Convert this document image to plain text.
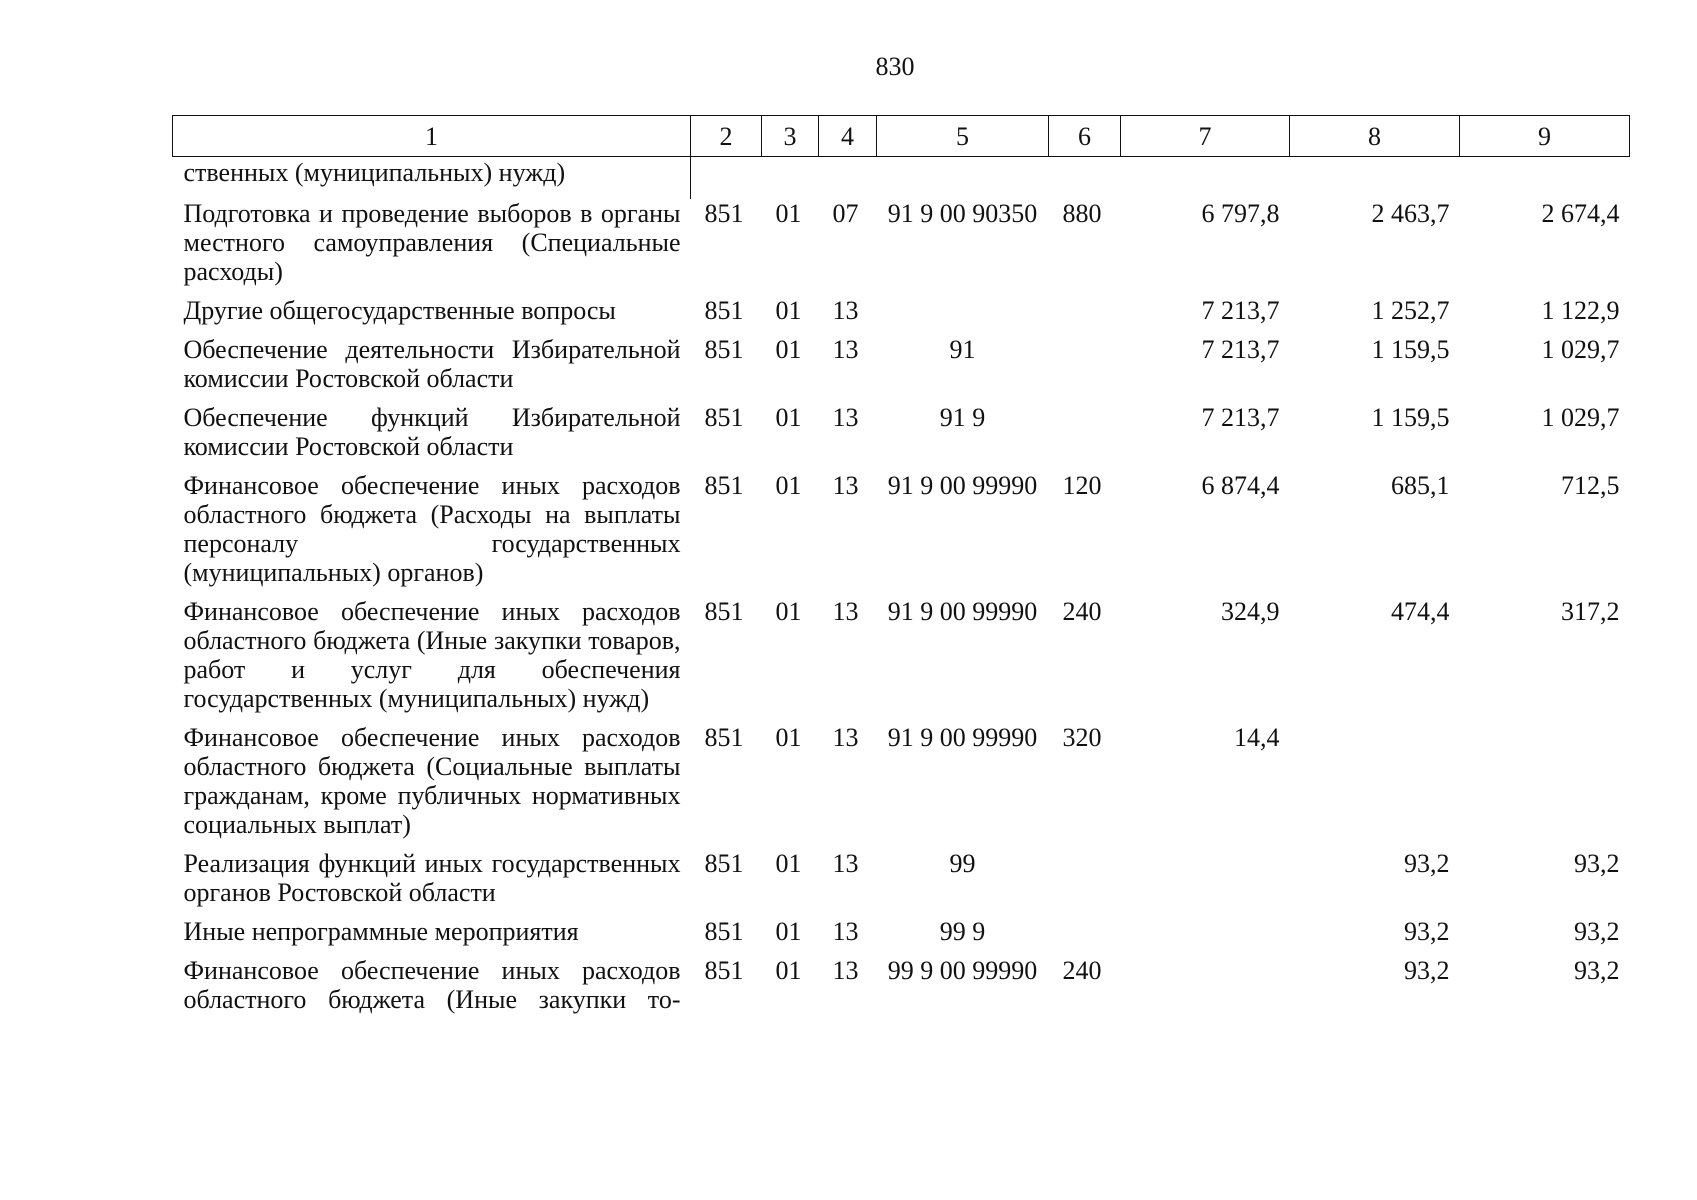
830
1	2	3	4	5	6	7	8	9
ственных (муниципальных) нужд)								
Подготовка и проведение выборов в органы местного самоуправления (Специальные расходы)	851	01	07	91 9 00 90350	880	6 797,8	2 463,7	2 674,4
Другие общегосударственные вопросы	851	01	13			7 213,7	1 252,7	1 122,9
Обеспечение деятельности Избирательной комиссии Ростовской области	851	01	13	91		7 213,7	1 159,5	1 029,7
Обеспечение функций Избирательной комиссии Ростовской области	851	01	13	91 9		7 213,7	1 159,5	1 029,7
Финансовое обеспечение иных расходов областного бюджета (Расходы на выплаты персоналу государственных (муниципальных) органов)	851	01	13	91 9 00 99990	120	6 874,4	685,1	712,5
Финансовое обеспечение иных расходов областного бюджета (Иные закупки товаров, работ и услуг для обеспечения государственных (муниципальных) нужд)	851	01	13	91 9 00 99990	240	324,9	474,4	317,2
Финансовое обеспечение иных расходов областного бюджета (Социальные выплаты гражданам, кроме публичных нормативных социальных выплат)	851	01	13	91 9 00 99990	320	14,4		
Реализация функций иных государственных органов Ростовской области	851	01	13	99			93,2	93,2
Иные непрограммные мероприятия	851	01	13	99 9			93,2	93,2
Финансовое обеспечение иных расходов областного бюджета (Иные закупки то-	851	01	13	99 9 00 99990	240		93,2	93,2
